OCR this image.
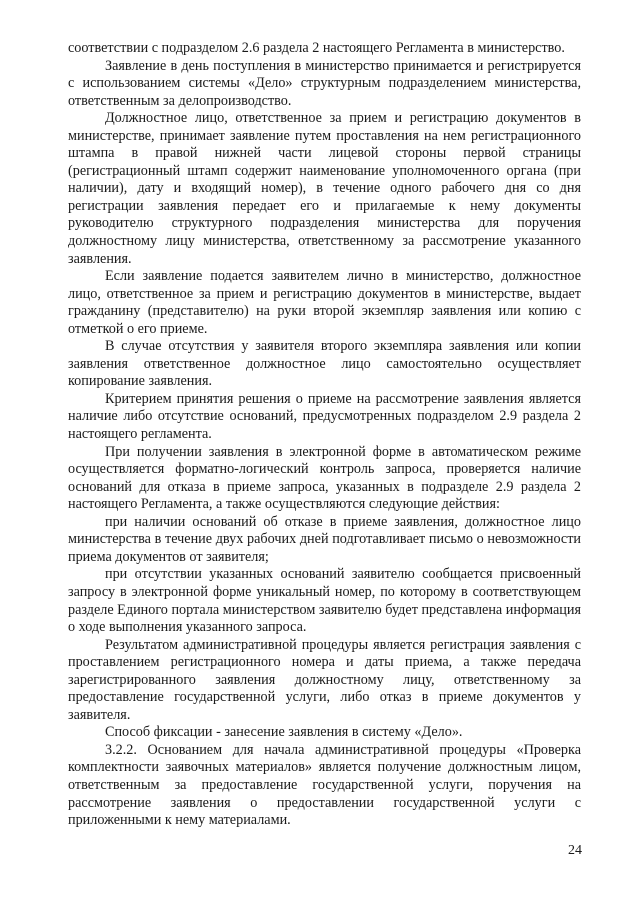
соответствии с подразделом 2.6 раздела 2 настоящего Регламента в министерство.

Заявление в день поступления в министерство принимается и регистрируется с использованием системы «Дело» структурным подразделением министерства, ответственным за делопроизводство.

Должностное лицо, ответственное за прием и регистрацию документов в министерстве, принимает заявление путем проставления на нем регистрационного штампа в правой нижней части лицевой стороны первой страницы (регистрационный штамп содержит наименование уполномоченного органа (при наличии), дату и входящий номер), в течение одного рабочего дня со дня регистрации заявления передает его и прилагаемые к нему документы руководителю структурного подразделения министерства для поручения должностному лицу министерства, ответственному за рассмотрение указанного заявления.

Если заявление подается заявителем лично в министерство, должностное лицо, ответственное за прием и регистрацию документов в министерстве, выдает гражданину (представителю) на руки второй экземпляр заявления или копию с отметкой о его приеме.

В случае отсутствия у заявителя второго экземпляра заявления или копии заявления ответственное должностное лицо самостоятельно осуществляет копирование заявления.

Критерием принятия решения о приеме на рассмотрение заявления является наличие либо отсутствие оснований, предусмотренных подразделом 2.9 раздела 2 настоящего регламента.

При получении заявления в электронной форме в автоматическом режиме осуществляется форматно-логический контроль запроса, проверяется наличие оснований для отказа в приеме запроса, указанных в подразделе 2.9 раздела 2 настоящего Регламента, а также осуществляются следующие действия:

при наличии оснований об отказе в приеме заявления, должностное лицо министерства в течение двух рабочих дней подготавливает письмо о невозможности приема документов от заявителя;

при отсутствии указанных оснований заявителю сообщается присвоенный запросу в электронной форме уникальный номер, по которому в соответствующем разделе Единого портала министерством заявителю будет представлена информация о ходе выполнения указанного запроса.

Результатом административной процедуры является регистрация заявления с проставлением регистрационного номера и даты приема, а также передача зарегистрированного заявления должностному лицу, ответственному за предоставление государственной услуги, либо отказ в приеме документов у заявителя.

Способ фиксации - занесение заявления в систему «Дело».

3.2.2. Основанием для начала административной процедуры «Проверка комплектности заявочных материалов» является получение должностным лицом, ответственным за предоставление государственной услуги, поручения на рассмотрение заявления о предоставлении государственной услуги с приложенными к нему материалами.

24
